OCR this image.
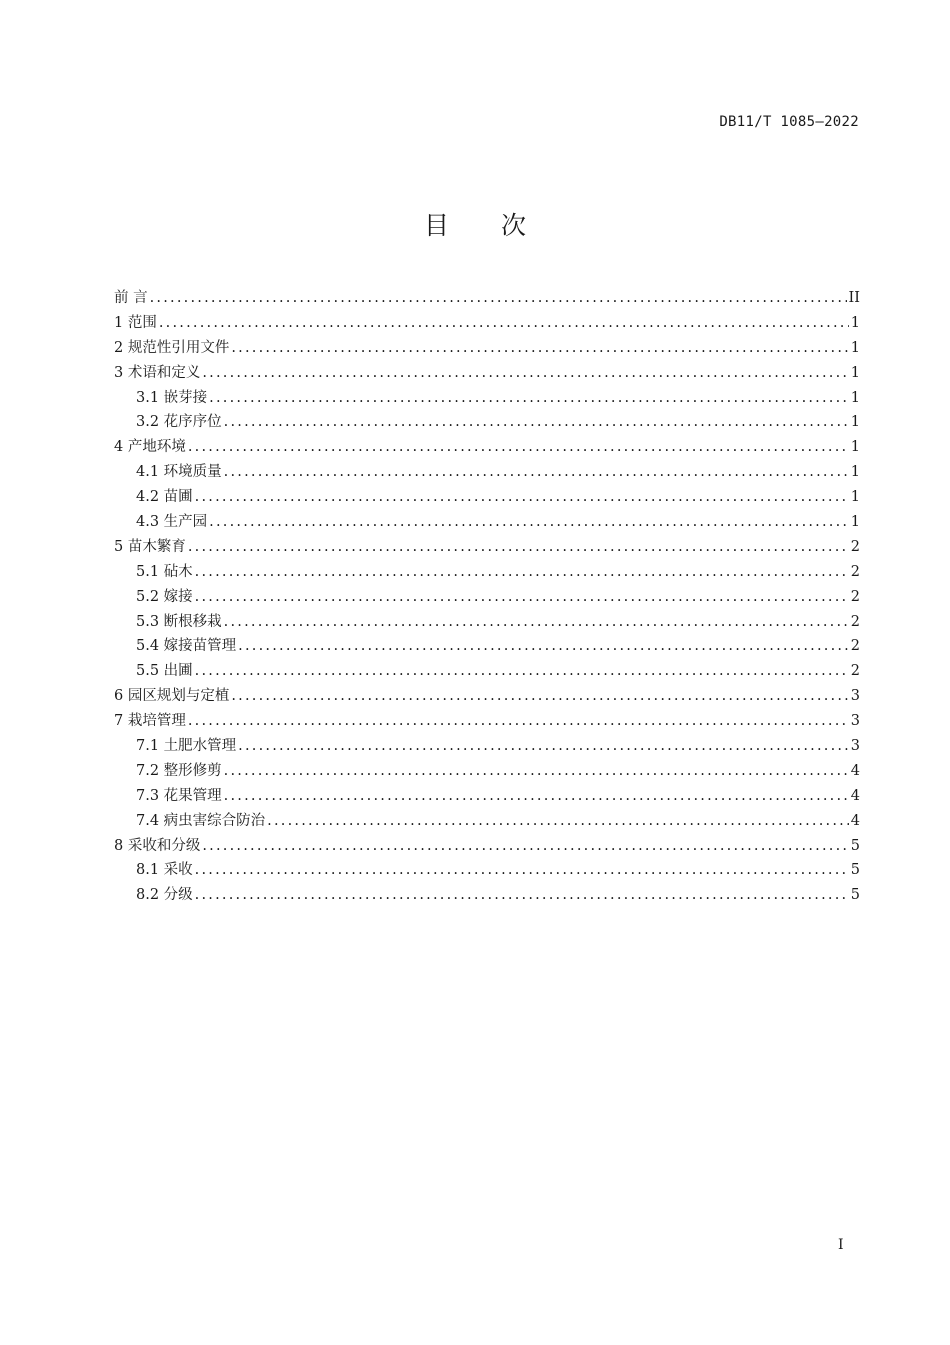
DB11/T 1085—2022
目 次
前 言 .....	II
1 范围 .....	1
2 规范性引用文件 .....	1
3 术语和定义 .....	1
3.1 嵌芽接 .....	1
3.2 花序序位 .....	1
4 产地环境 .....	1
4.1 环境质量 .....	1
4.2 苗圃 .....	1
4.3 生产园 .....	1
5 苗木繁育 .....	2
5.1 砧木 .....	2
5.2 嫁接 .....	2
5.3 断根移栽 .....	2
5.4 嫁接苗管理 .....	2
5.5 出圃 .....	2
6 园区规划与定植 .....	3
7 栽培管理 .....	3
7.1 土肥水管理 .....	3
7.2 整形修剪 .....	4
7.3 花果管理 .....	4
7.4 病虫害综合防治 .....	4
8 采收和分级 .....	5
8.1 采收 .....	5
8.2 分级 .....	5
I
